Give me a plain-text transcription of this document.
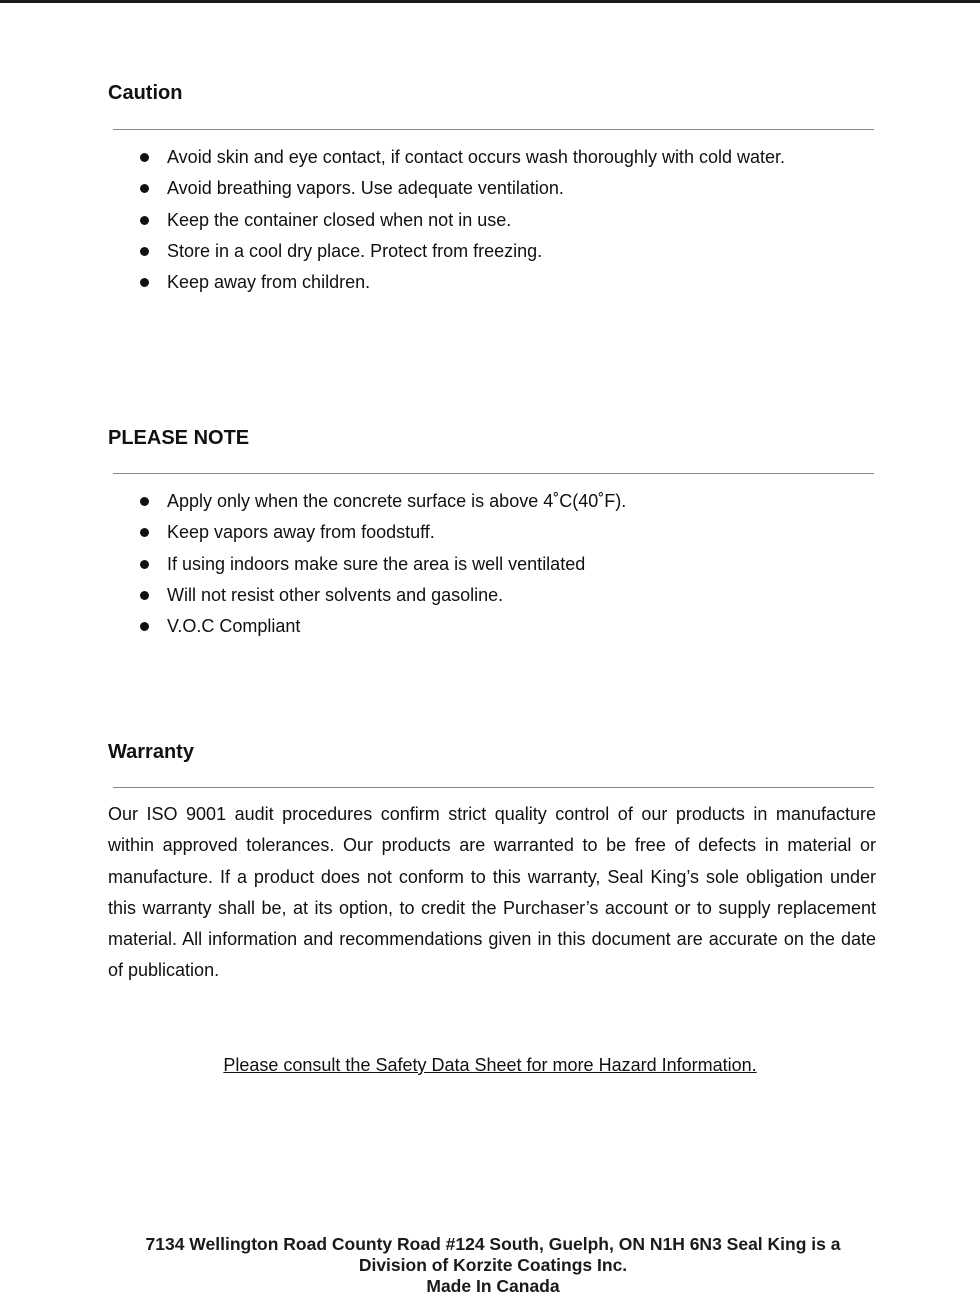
Caution
Avoid skin and eye contact, if contact occurs wash thoroughly with cold water.
Avoid breathing vapors. Use adequate ventilation.
Keep the container closed when not in use.
Store in a cool dry place. Protect from freezing.
Keep away from children.
PLEASE NOTE
Apply only when the concrete surface is above 4˚C(40˚F).
Keep vapors away from foodstuff.
If using indoors make sure the area is well ventilated
Will not resist other solvents and gasoline.
V.O.C Compliant
Warranty

Our ISO 9001 audit procedures confirm strict quality control of our products in manufacture within approved tolerances. Our products are warranted to be free of defects in material or manufacture. If a product does not conform to this warranty, Seal King’s sole obligation under this warranty shall be, at its option, to credit the Purchaser’s account or to supply replacement material. All information and recommendations given in this document are accurate on the date of publication.

Please consult the Safety Data Sheet for more Hazard Information.
7134 Wellington Road County Road #124 South, Guelph, ON N1H 6N3 Seal King is a
Division of Korzite Coatings Inc.
Made In Canada
